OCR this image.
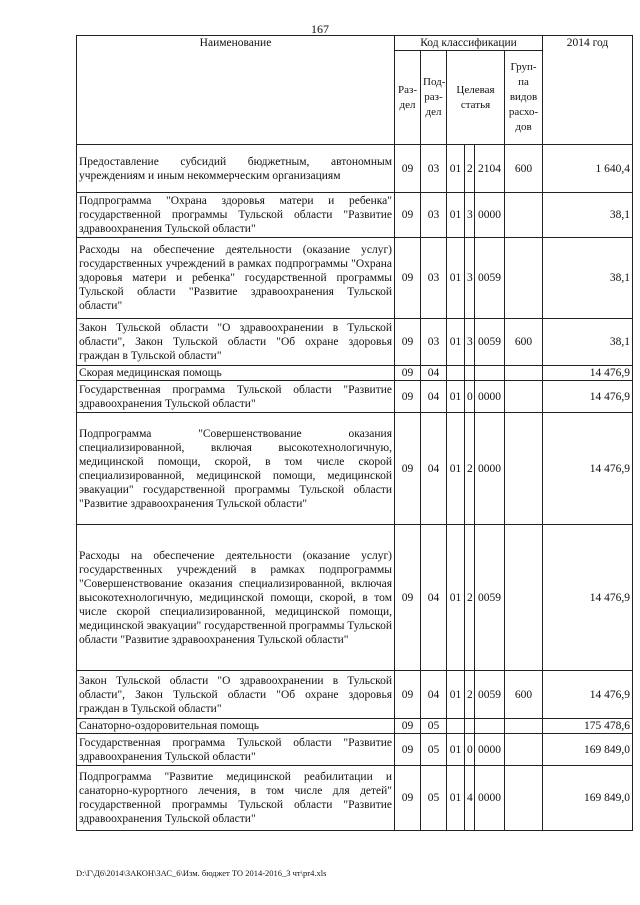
167
Наименование	Код классификации						2014 год
	Раз-дел	Под-раз-дел	Целевая статья			Груп-па видов расхо-дов	
Предоставление субсидий бюджетным, автономным учреждениям и иным некоммерческим организациям	09	03	01	2	2104	600	1 640,4
Подпрограмма "Охрана здоровья матери и ребенка" государственной программы Тульской области "Развитие здравоохранения Тульской области"	09	03	01	3	0000		38,1
Расходы на обеспечение деятельности (оказание услуг) государственных учреждений в рамках подпрограммы "Охрана здоровья матери и ребенка" государственной программы Тульской области "Развитие здравоохранения Тульской области"	09	03	01	3	0059		38,1
Закон Тульской области "О здравоохранении в Тульской области", Закон Тульской области "Об охране здоровья граждан в Тульской области"	09	03	01	3	0059	600	38,1
Скорая медицинская помощь	09	04					14 476,9
Государственная программа Тульской области "Развитие здравоохранения Тульской области"	09	04	01	0	0000		14 476,9
Подпрограмма "Совершенствование оказания специализированной, включая высокотехнологичную, медицинской помощи, скорой, в том числе скорой специализированной, медицинской помощи, медицинской эвакуации" государственной программы Тульской области "Развитие здравоохранения Тульской области"	09	04	01	2	0000		14 476,9
Расходы на обеспечение деятельности (оказание услуг) государственных учреждений в рамках подпрограммы "Совершенствование оказания специализированной, включая высокотехнологичную, медицинской помощи, скорой, в том числе скорой специализированной, медицинской помощи, медицинской эвакуации" государственной программы Тульской области "Развитие здравоохранения Тульской области"	09	04	01	2	0059		14 476,9
Закон Тульской области "О здравоохранении в Тульской области", Закон Тульской области "Об охране здоровья граждан в Тульской области"	09	04	01	2	0059	600	14 476,9
Санаторно-оздоровительная помощь	09	05					175 478,6
Государственная программа Тульской области "Развитие здравоохранения Тульской области"	09	05	01	0	0000		169 849,0
Подпрограмма "Развитие медицинской реабилитации и санаторно-курортного лечения, в том числе для детей" государственной программы Тульской области "Развитие здравоохранения Тульской области"	09	05	01	4	0000		169 849,0
D:\Г\Д6\2014\ЗАКОН\ЗАС_6\Изм. бюджет ТО 2014-2016_3 чт\pr4.xls
